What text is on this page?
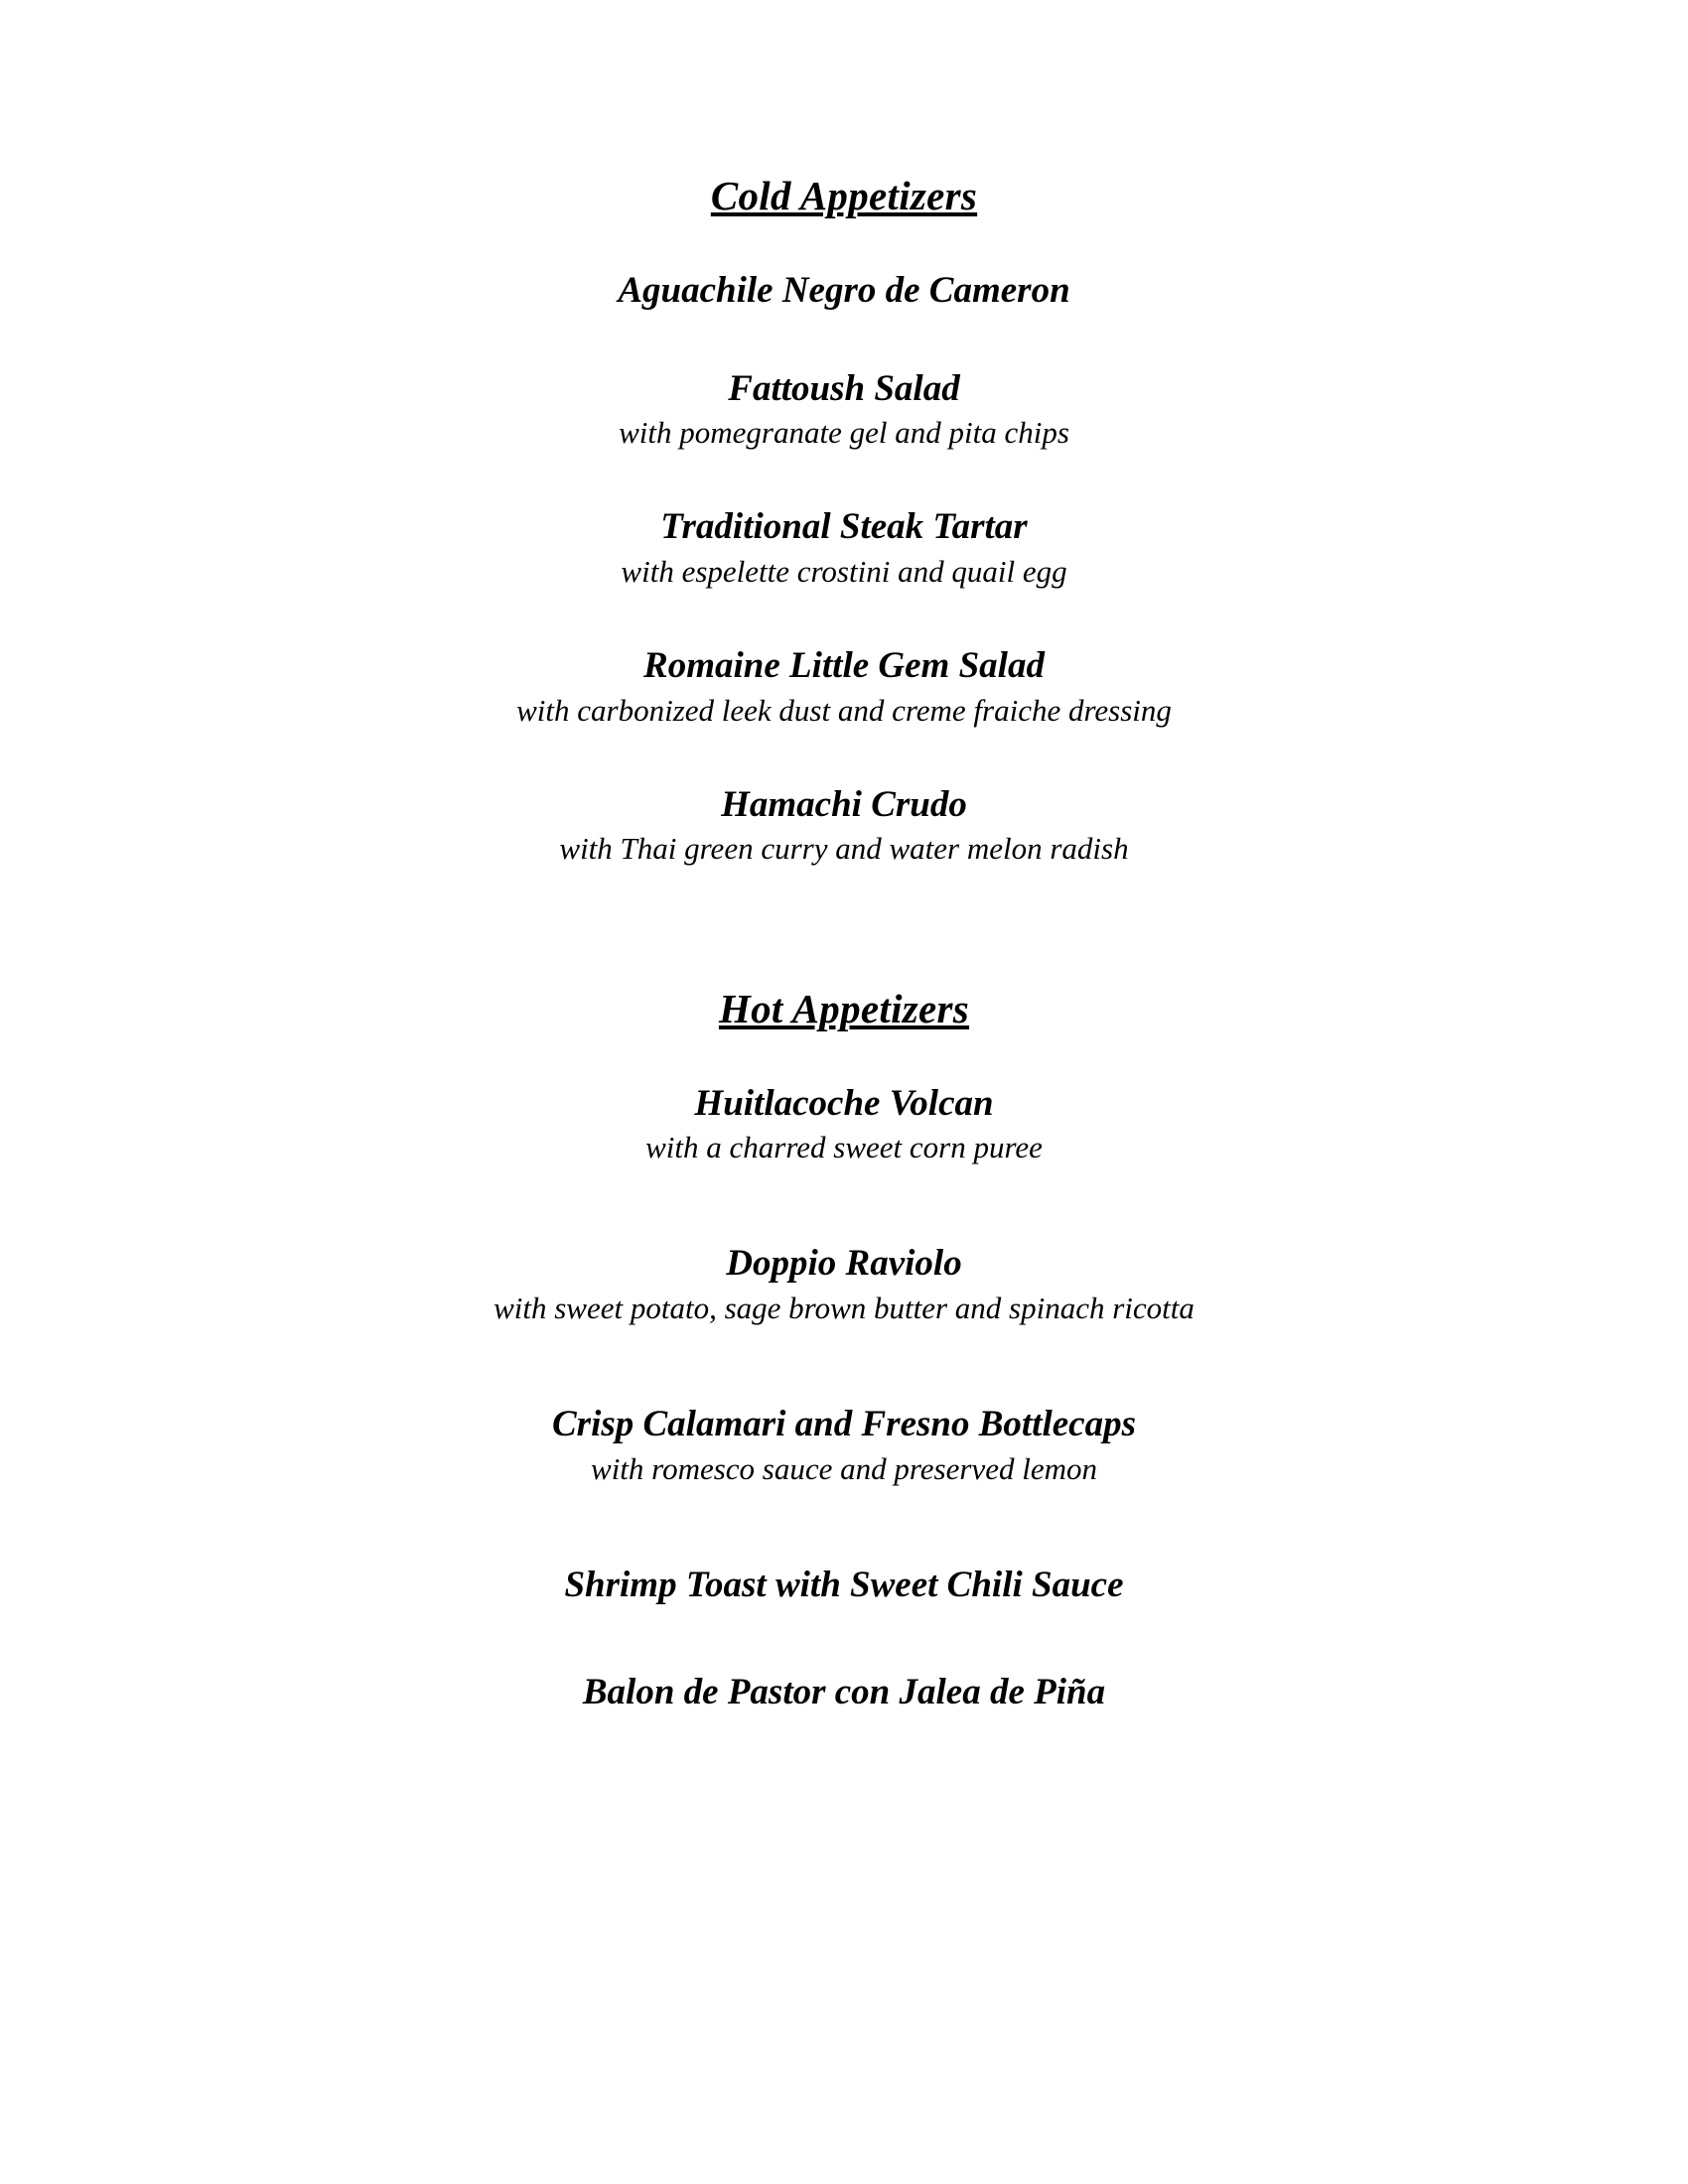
Cold Appetizers
Aguachile Negro de Cameron
Fattoush Salad
with pomegranate gel and pita chips
Traditional Steak Tartar
with espelette crostini and quail egg
Romaine Little Gem Salad
with carbonized leek dust and creme fraiche dressing
Hamachi Crudo
with Thai green curry and water melon radish
Hot Appetizers
Huitlacoche Volcan
with a charred sweet corn puree
Doppio Raviolo
with sweet potato, sage brown butter and spinach ricotta
Crisp Calamari and Fresno Bottlecaps
with romesco sauce and preserved lemon
Shrimp Toast with Sweet Chili Sauce
Balon de Pastor con Jalea de Piña
